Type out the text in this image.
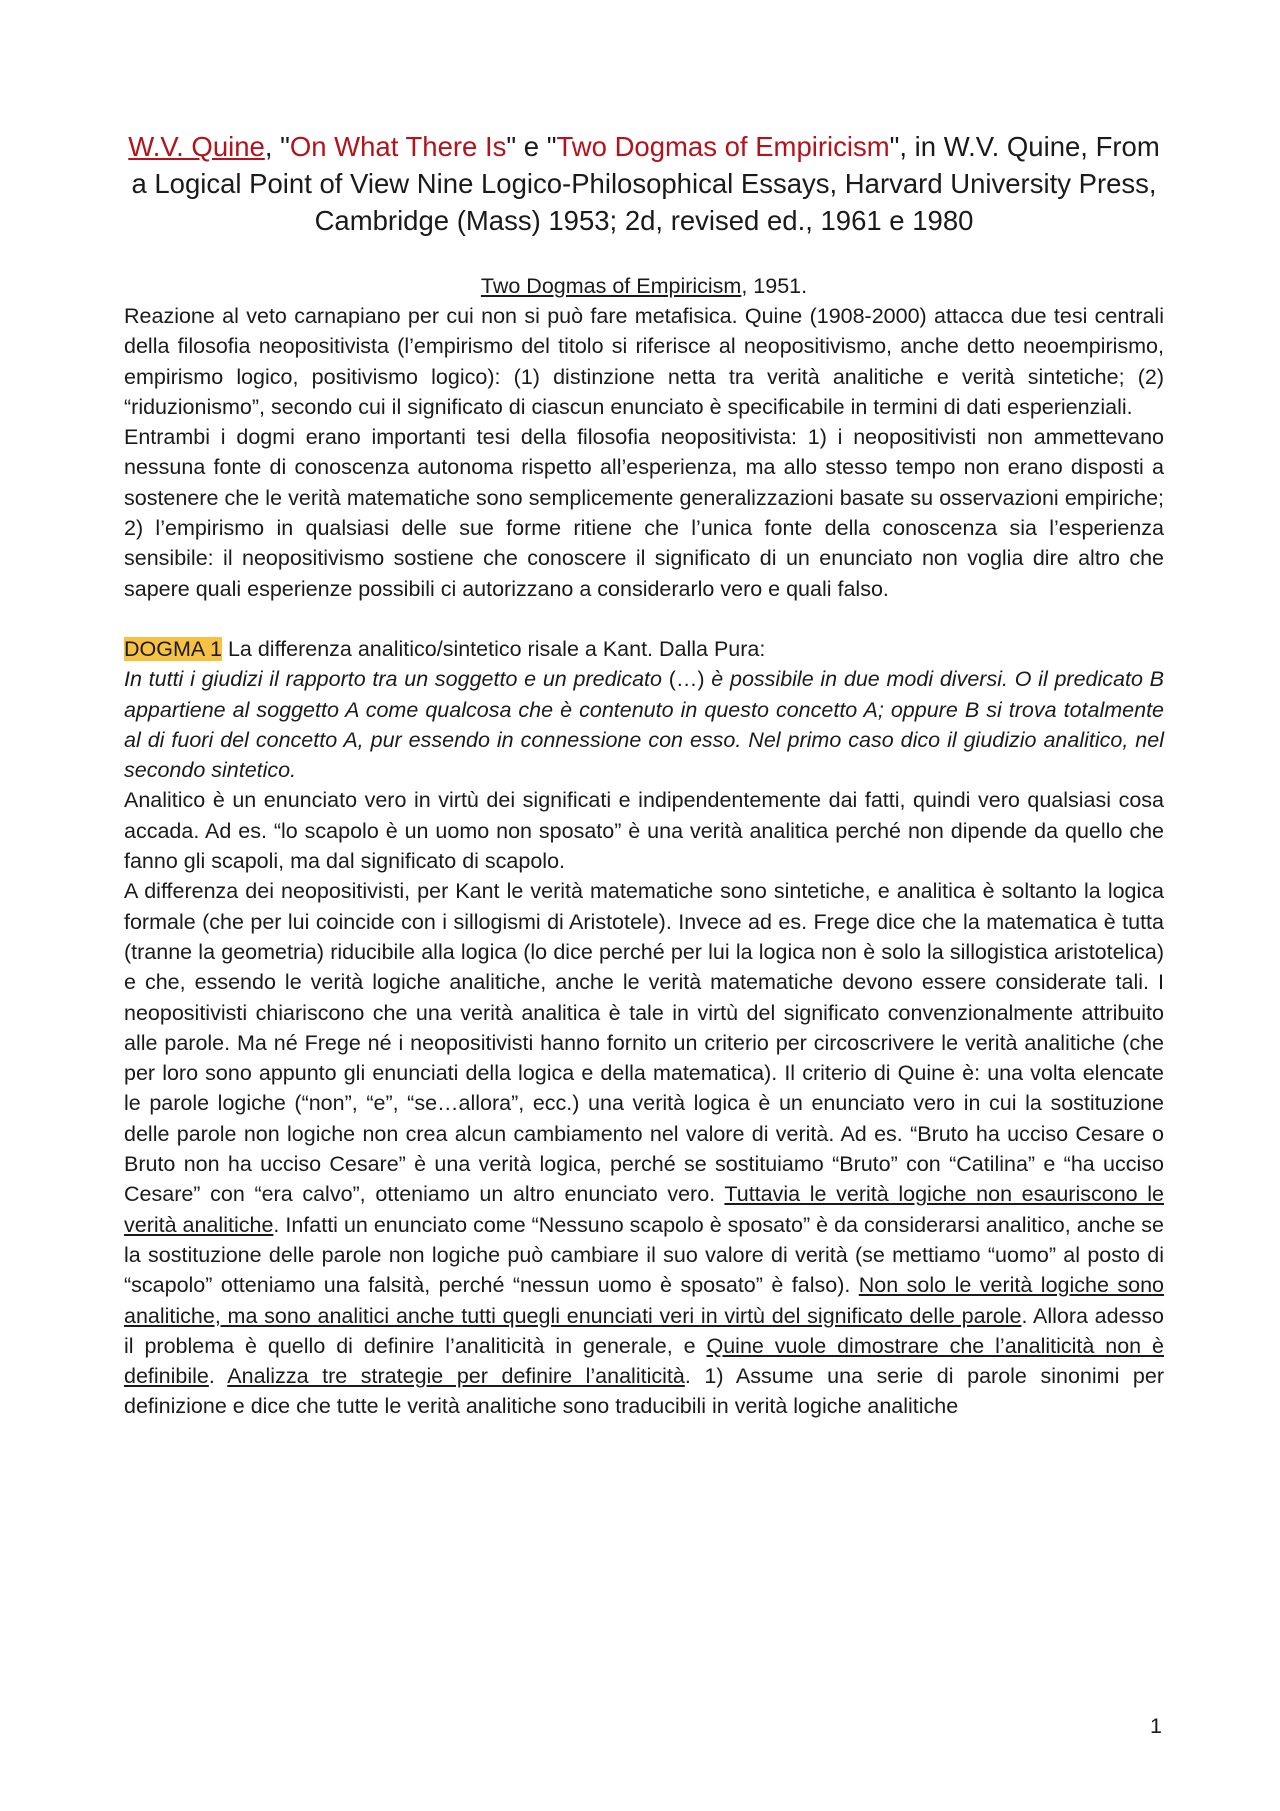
W.V. Quine, "On What There Is" e "Two Dogmas of Empiricism", in W.V. Quine, From a Logical Point of View Nine Logico-Philosophical Essays, Harvard University Press, Cambridge (Mass) 1953; 2d, revised ed., 1961 e 1980

Two Dogmas of Empiricism, 1951.

Reazione al veto carnapiano per cui non si può fare metafisica. Quine (1908-2000) attacca due tesi centrali della filosofia neopositivista (l’empirismo del titolo si riferisce al neopositivismo, anche detto neoempirismo, empirismo logico, positivismo logico): (1) distinzione netta tra verità analitiche e verità sintetiche; (2) “riduzionismo”, secondo cui il significato di ciascun enunciato è specificabile in termini di dati esperienziali.

Entrambi i dogmi erano importanti tesi della filosofia neopositivista: 1) i neopositivisti non ammettevano nessuna fonte di conoscenza autonoma rispetto all’esperienza, ma allo stesso tempo non erano disposti a sostenere che le verità matematiche sono semplicemente generalizzazioni basate su osservazioni empiriche; 2) l’empirismo in qualsiasi delle sue forme ritiene che l’unica fonte della conoscenza sia l’esperienza sensibile: il neopositivismo sostiene che conoscere il significato di un enunciato non voglia dire altro che sapere quali esperienze possibili ci autorizzano a considerarlo vero e quali falso.

DOGMA 1 La differenza analitico/sintetico risale a Kant. Dalla Pura:

In tutti i giudizi il rapporto tra un soggetto e un predicato (…) è possibile in due modi diversi. O il predicato B appartiene al soggetto A come qualcosa che è contenuto in questo concetto A; oppure B si trova totalmente al di fuori del concetto A, pur essendo in connessione con esso. Nel primo caso dico il giudizio analitico, nel secondo sintetico.

Analitico è un enunciato vero in virtù dei significati e indipendentemente dai fatti, quindi vero qualsiasi cosa accada. Ad es. “lo scapolo è un uomo non sposato” è una verità analitica perché non dipende da quello che fanno gli scapoli, ma dal significato di scapolo.

A differenza dei neopositivisti, per Kant le verità matematiche sono sintetiche, e analitica è soltanto la logica formale (che per lui coincide con i sillogismi di Aristotele). Invece ad es. Frege dice che la matematica è tutta (tranne la geometria) riducibile alla logica (lo dice perché per lui la logica non è solo la sillogistica aristotelica) e che, essendo le verità logiche analitiche, anche le verità matematiche devono essere considerate tali. I neopositivisti chiariscono che una verità analitica è tale in virtù del significato convenzionalmente attribuito alle parole. Ma né Frege né i neopositivisti hanno fornito un criterio per circoscrivere le verità analitiche (che per loro sono appunto gli enunciati della logica e della matematica). Il criterio di Quine è: una volta elencate le parole logiche (“non”, “e”, “se…allora”, ecc.) una verità logica è un enunciato vero in cui la sostituzione delle parole non logiche non crea alcun cambiamento nel valore di verità. Ad es. “Bruto ha ucciso Cesare o Bruto non ha ucciso Cesare” è una verità logica, perché se sostituiamo “Bruto” con “Catilina” e “ha ucciso Cesare” con “era calvo”, otteniamo un altro enunciato vero. Tuttavia le verità logiche non esauriscono le verità analitiche. Infatti un enunciato come “Nessuno scapolo è sposato” è da considerarsi analitico, anche se la sostituzione delle parole non logiche può cambiare il suo valore di verità (se mettiamo “uomo” al posto di “scapolo” otteniamo una falsità, perché “nessun uomo è sposato” è falso). Non solo le verità logiche sono analitiche, ma sono analitici anche tutti quegli enunciati veri in virtù del significato delle parole. Allora adesso il problema è quello di definire l’analiticità in generale, e Quine vuole dimostrare che l’analiticità non è definibile. Analizza tre strategie per definire l’analiticità. 1) Assume una serie di parole sinonimi per definizione e dice che tutte le verità analitiche sono traducibili in verità logiche analitiche

1
